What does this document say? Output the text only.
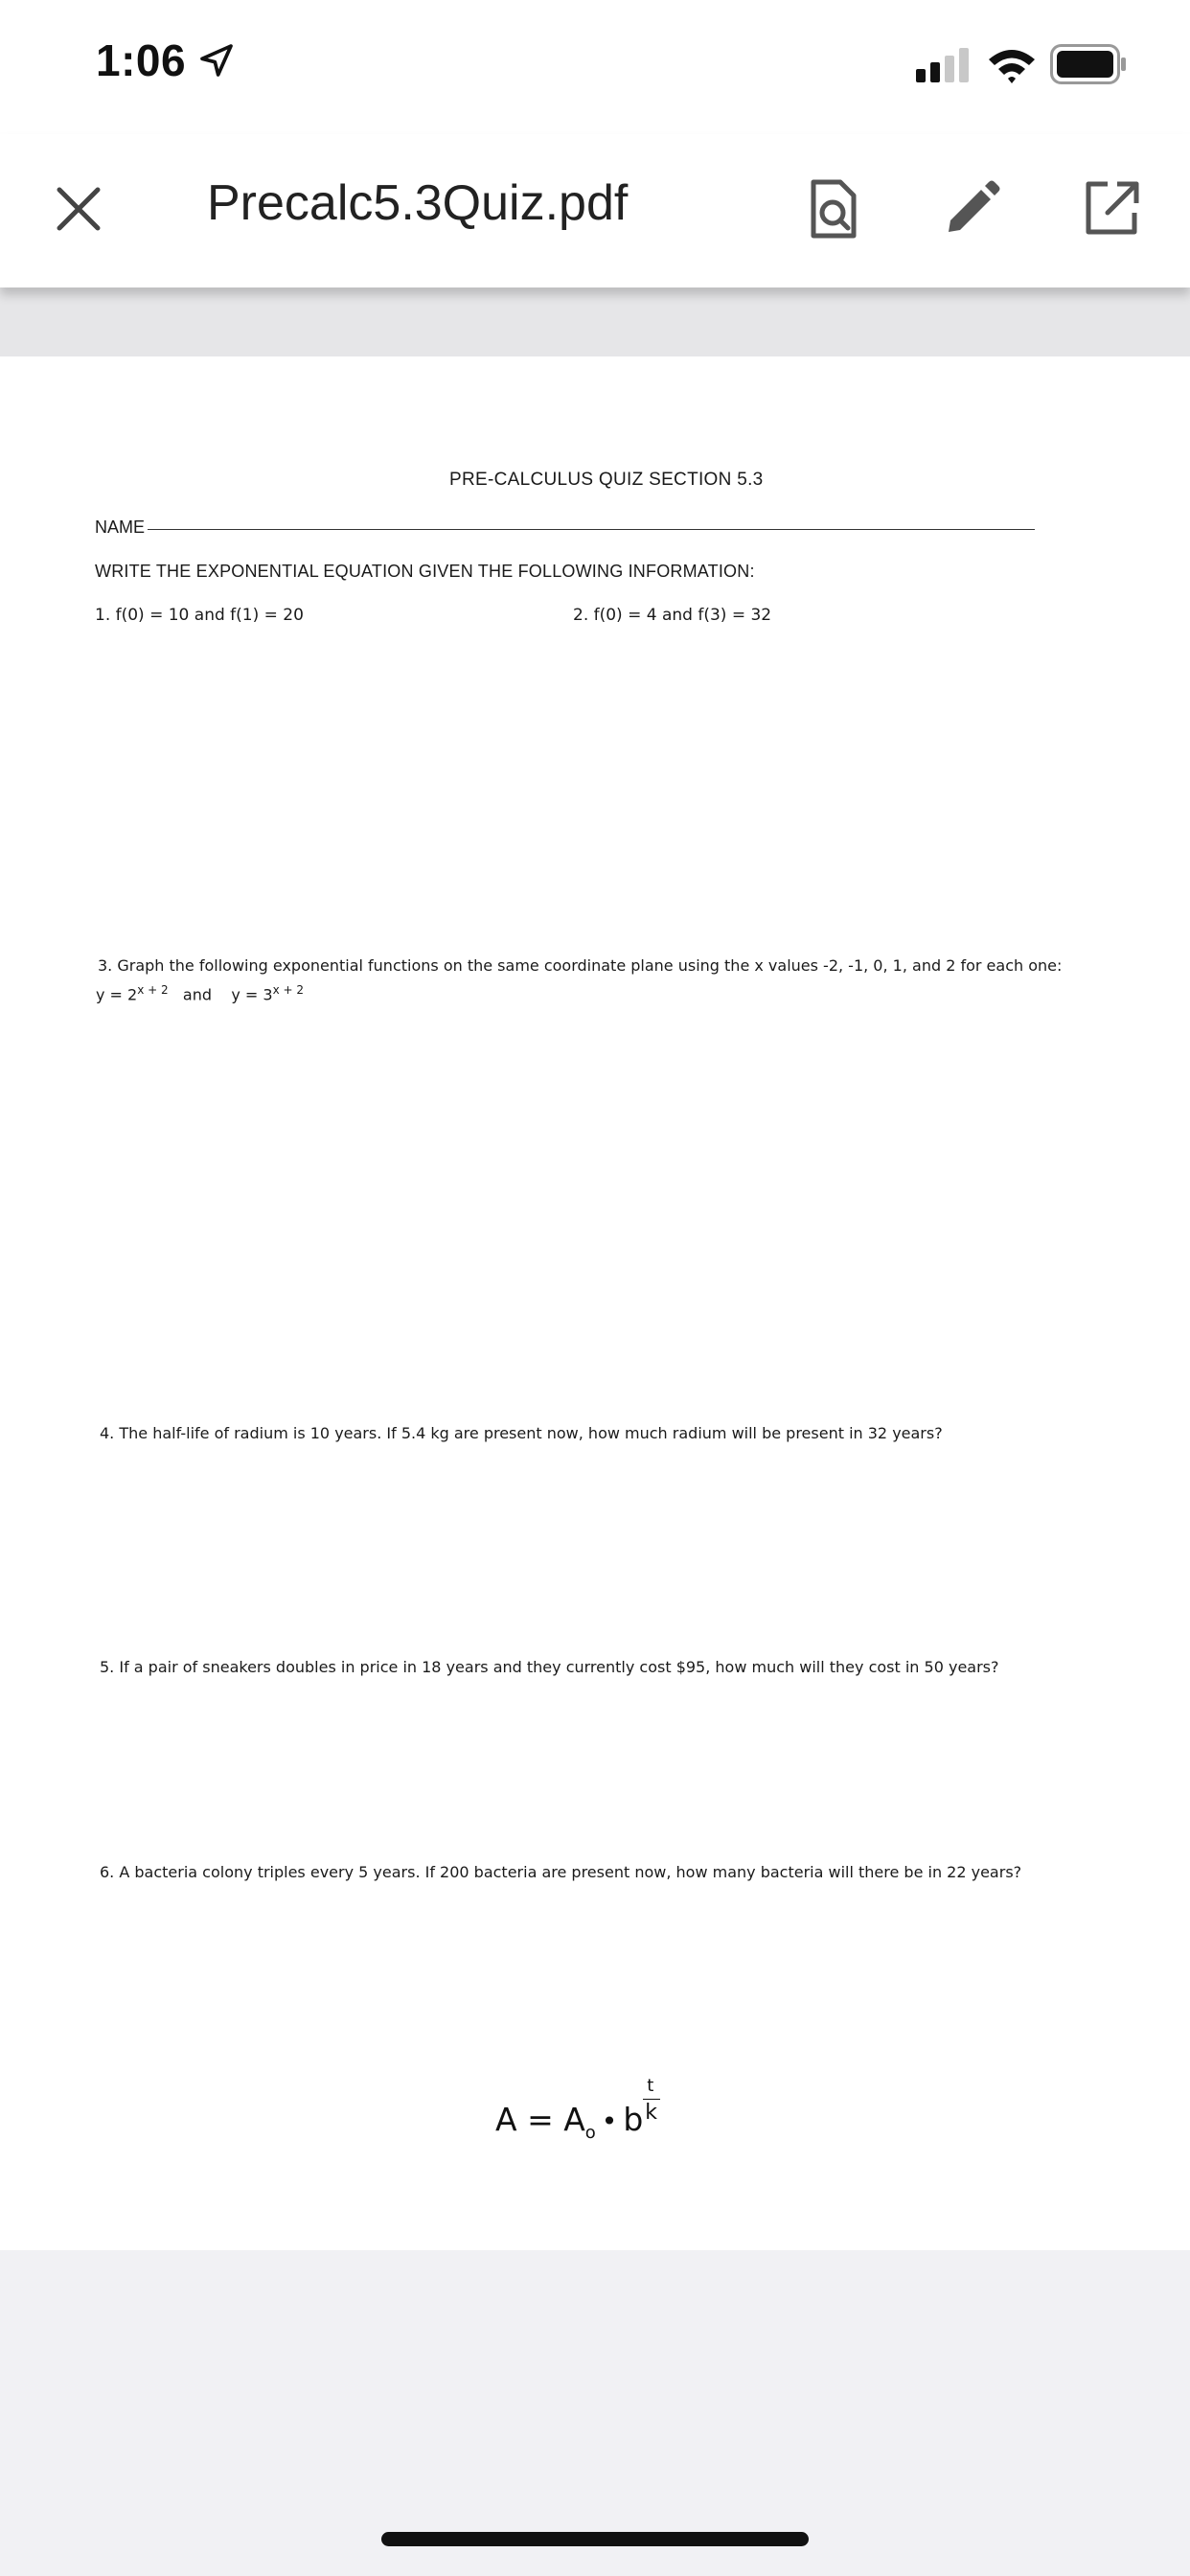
1:06
Precalc5.3Quiz.pdf
PRE-CALCULUS QUIZ SECTION 5.3
NAME
WRITE THE EXPONENTIAL EQUATION GIVEN THE FOLLOWING INFORMATION:
1. f(0) = 10 and f(1) = 20	2. f(0) = 4 and f(3) = 32
3. Graph the following exponential functions on the same coordinate plane using the x values -2, -1, 0, 1, and 2 for each one:
$y = 2^{x + 2}$ and $y = 3^{x + 2}$
4. The half-life of radium is 10 years. If 5.4 kg are present now, how much radium will be present in 32 years?
5. If a pair of sneakers doubles in price in 18 years and they currently cost $95, how much will they cost in 50 years?
6. A bacteria colony triples every 5 years. If 200 bacteria are present now, how many bacteria will there be in 22 years?
$A = A_o$ • b $\frac{t}{k}$
